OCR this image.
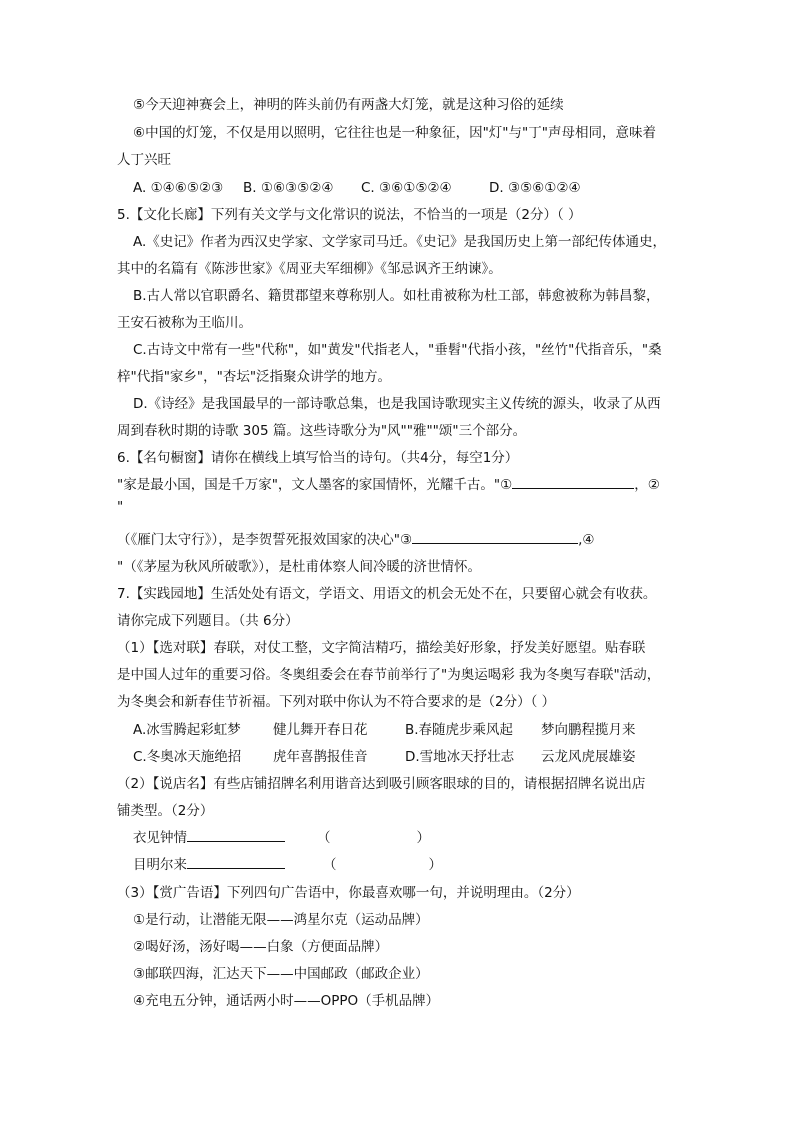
⑤今天迎神赛会上，神明的阵头前仍有两盏大灯笼，就是这种习俗的延续
⑥中国的灯笼，不仅是用以照明，它往往也是一种象征，因"灯"与"丁"声母相同，意味着
人丁兴旺
A. ①④⑥⑤②③ B. ①⑥③⑤②④ C. ③⑥①⑤②④	D. ③⑤⑥①②④
5.【文化长廊】下列有关文学与文化常识的说法，不恰当的一项是（2分）（ ）
A.《史记》作者为西汉史学家、文学家司马迁。《史记》是我国历史上第一部纪传体通史，
其中的名篇有《陈涉世家》《周亚夫军细柳》《邹忌讽齐王纳谏》。
B.古人常以官职爵名、籍贯郡望来尊称别人。如杜甫被称为杜工部，韩愈被称为韩昌黎，
王安石被称为王临川。
C.古诗文中常有一些"代称"，如"黄发"代指老人，"垂髫"代指小孩，"丝竹"代指音乐，"桑
梓"代指"家乡"，"杏坛"泛指聚众讲学的地方。
D.《诗经》是我国最早的一部诗歌总集，也是我国诗歌现实主义传统的源头，收录了从西
周到春秋时期的诗歌 305 篇。这些诗歌分为"风""雅""颂"三个部分。
6.【名句橱窗】请你在横线上填写恰当的诗句。（共4分，每空1分）
"家是最小国，国是千万家"，文人墨客的家国情怀，光耀千古。"①	，②
"
（《雁门太守行》），是李贺誓死报效国家的决心"③	,④
"（《茅屋为秋风所破歌》），是杜甫体察人间冷暖的济世情怀。
7.【实践园地】生活处处有语文，学语文、用语文的机会无处不在，只要留心就会有收获。
请你完成下列题目。（共 6分）
（1）【选对联】春联，对仗工整，文字简洁精巧，描绘美好形象，抒发美好愿望。贴春联
是中国人过年的重要习俗。冬奥组委会在春节前举行了"为奥运喝彩 我为冬奥写春联"活动，
为冬奥会和新春佳节祈福。下列对联中你认为不符合要求的是（2分）（ ）
A.冰雪腾起彩虹梦 健儿舞开春日花	B.春随虎步乘风起 梦向鹏程揽月来
C.冬奥冰天施绝招 虎年喜鹊报佳音	D.雪地冰天抒壮志 云龙风虎展雄姿
（2）【说店名】有些店铺招牌名利用谐音达到吸引顾客眼球的目的，请根据招牌名说出店
铺类型。（2分）
衣见钟情	（	）
目明尔来	（	）
（3）【赏广告语】下列四句广告语中，你最喜欢哪一句，并说明理由。（2分）
①是行动，让潜能无限——鸿星尔克（运动品牌）
②喝好汤，汤好喝——白象（方便面品牌）
③邮联四海，汇达天下——中国邮政（邮政企业）
④充电五分钟，通话两小时——OPPO（手机品牌）
